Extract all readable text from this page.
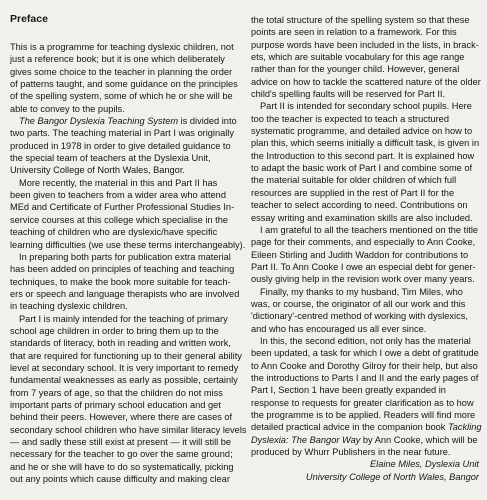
Preface
This is a programme for teaching dyslexic children, not
just a reference book; but it is one which deliberately
gives some choice to the teacher in planning the order
of patterns taught, and some guidance on the principles
of the spelling system, some of which he or she will be
able to convey to the pupils.
The Bangor Dyslexia Teaching System is divided into
two parts. The teaching material in Part I was originally
produced in 1978 in order to give detailed guidance to
the special team of teachers at the Dyslexia Unit,
University College of North Wales, Bangor.
More recently, the material in this and Part II has
been given to teachers from a wider area who attend
MEd and Certificate of Further Professional Studies In-
service courses at this college which specialise in the
teaching of children who are dyslexic/have specific
learning difficulties (we use these terms interchangeably).
In preparing both parts for publication extra material
has been added on principles of teaching and teaching
techniques, to make the book more suitable for teach-
ers or speech and language therapists who are involved
in teaching dyslexic children.
Part I is mainly intended for the teaching of primary
school age children in order to bring them up to the
standards of literacy, both in reading and written work,
that are required for functioning up to their general ability
level at secondary school. It is very important to remedy
fundamental weaknesses as early as possible, certainly
from 7 years of age, so that the children do not miss
important parts of primary school education and get
behind their peers. However, where there are cases of
secondary school children who have similar literacy levels
— and sadly these still exist at present — it will still be
necessary for the teacher to go over the same ground;
and he or she will have to do so systematically, picking
out any points which cause difficulty and making clear
the total structure of the spelling system so that these
points are seen in relation to a framework. For this
purpose words have been included in the lists, in brack-
ets, which are suitable vocabulary for this age range
rather than for the younger child. However, general
advice on how to tackle the scattered nature of the older
child's spelling faults will be reserved for Part II.
Part II is intended for secondary school pupils. Here
too the teacher is expected to teach a structured
systematic programme, and detailed advice on how to
plan this, which seems initially a difficult task, is given in
the Introduction to this second part. It is explained how
to adapt the basic work of Part I and combine some of
the material suitable for older children of which full
resources are supplied in the rest of Part II for the
teacher to select according to need. Contributions on
essay writing and examination skills are also included.
I am grateful to all the teachers mentioned on the title
page for their comments, and especially to Ann Cooke,
Eileen Stirling and Judith Waddon for contributions to
Part II. To Ann Cooke I owe an especial debt for gener-
ously giving help in the revision work over many years.
Finally, my thanks to my husband, Tim Miles, who
was, or course, the originator of all our work and this
'dictionary'-centred method of working with dyslexics,
and who has encouraged us all ever since.
In this, the second edition, not only has the material
been updated, a task for which I owe a debt of gratitude
to Ann Cooke and Dorothy Gilroy for their help, but also
the introductions to Parts I and II and the early pages of
Part I, Section 1 have been greatly expanded in
response to requests for greater clarification as to how
the programme is to be applied. Readers will find more
detailed practical advice in the companion book Tackling
Dyslexia: The Bangor Way by Ann Cooke, which will be
produced by Whurr Publishers in the near future.
Elaine Miles, Dyslexia Unit
University College of North Wales, Bangor
